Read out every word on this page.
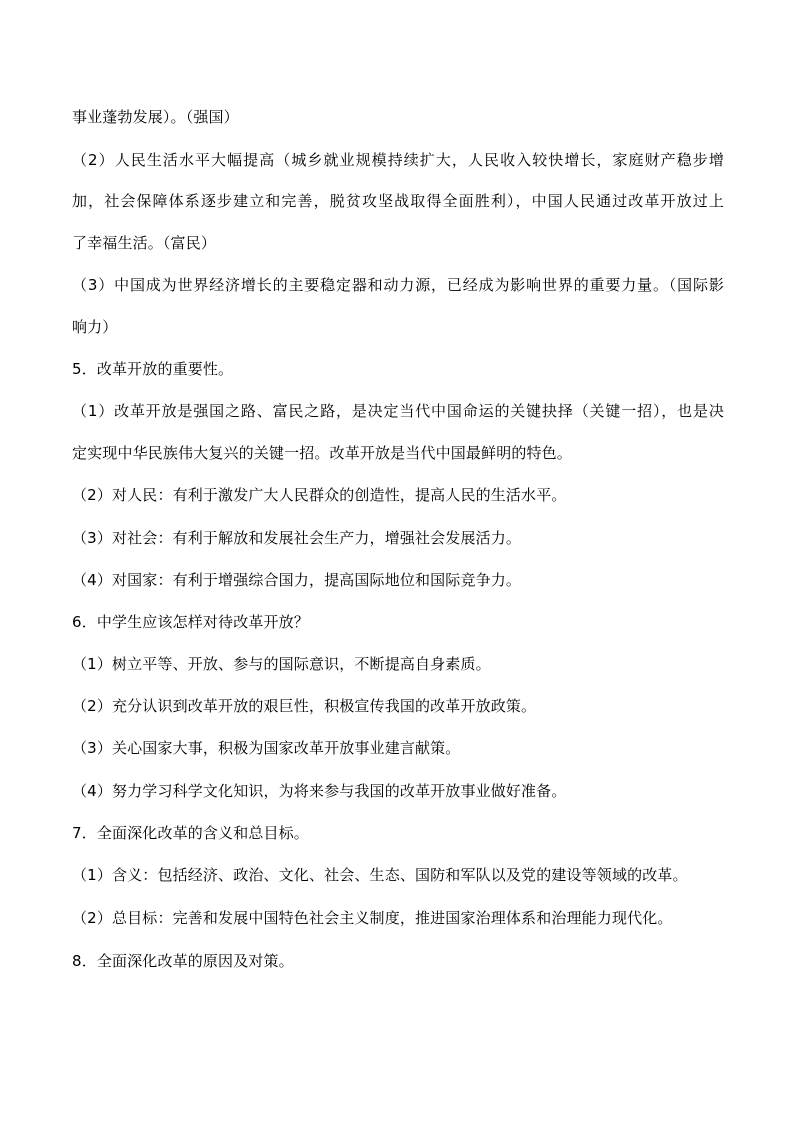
事业蓬勃发展）。（强国）
（2）人民生活水平大幅提高（城乡就业规模持续扩大，人民收入较快增长，家庭财产稳步增
加，社会保障体系逐步建立和完善，脱贫攻坚战取得全面胜利），中国人民通过改革开放过上
了幸福生活。（富民）
（3）中国成为世界经济增长的主要稳定器和动力源，已经成为影响世界的重要力量。（国际影
响力）
5．改革开放的重要性。
（1）改革开放是强国之路、富民之路，是决定当代中国命运的关键抉择（关键一招），也是决
定实现中华民族伟大复兴的关键一招。改革开放是当代中国最鲜明的特色。
（2）对人民：有利于激发广大人民群众的创造性，提高人民的生活水平。
（3）对社会：有利于解放和发展社会生产力，增强社会发展活力。
（4）对国家：有利于增强综合国力，提高国际地位和国际竞争力。
6．中学生应该怎样对待改革开放？
（1）树立平等、开放、参与的国际意识，不断提高自身素质。
（2）充分认识到改革开放的艰巨性，积极宣传我国的改革开放政策。
（3）关心国家大事，积极为国家改革开放事业建言献策。
（4）努力学习科学文化知识，为将来参与我国的改革开放事业做好准备。
7．全面深化改革的含义和总目标。
（1）含义：包括经济、政治、文化、社会、生态、国防和军队以及党的建设等领域的改革。
（2）总目标：完善和发展中国特色社会主义制度，推进国家治理体系和治理能力现代化。
8．全面深化改革的原因及对策。
